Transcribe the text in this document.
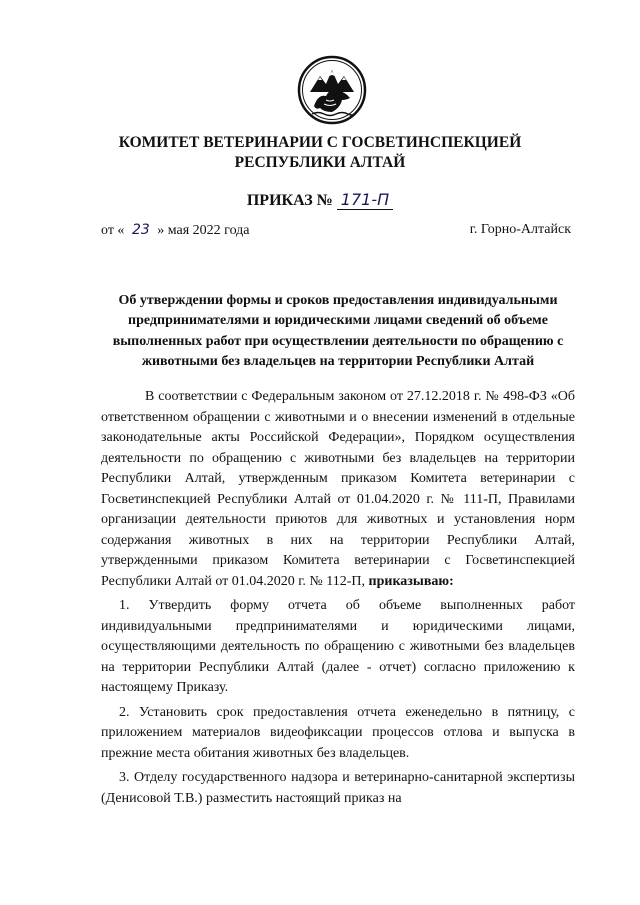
КОМИТЕТ ВЕТЕРИНАРИИ С ГОСВЕТИНСПЕКЦИЕЙ
РЕСПУБЛИКИ АЛТАЙ
ПРИКАЗ № 171-П
от « 23 » мая 2022 года	г. Горно-Алтайск
Об утверждении формы и сроков предоставления индивидуальными предпринимателями и юридическими лицами сведений об объеме выполненных работ при осуществлении деятельности по обращению с животными без владельцев на территории Республики Алтай

В соответствии с Федеральным законом от 27.12.2018 г. № 498-ФЗ «Об ответственном обращении с животными и о внесении изменений в отдельные законодательные акты Российской Федерации», Порядком осуществления деятельности по обращению с животными без владельцев на территории Республики Алтай, утвержденным приказом Комитета ветеринарии с Госветинспекцией Республики Алтай от 01.04.2020 г. № 111-П, Правилами организации деятельности приютов для животных и установления норм содержания животных в них на территории Республики Алтай, утвержденными приказом Комитета ветеринарии с Госветинспекцией Республики Алтай от 01.04.2020 г. № 112-П, приказываю:

1. Утвердить форму отчета об объеме выполненных работ индивидуальными предпринимателями и юридическими лицами, осуществляющими деятельность по обращению с животными без владельцев на территории Республики Алтай (далее - отчет) согласно приложению к настоящему Приказу.

2. Установить срок предоставления отчета еженедельно в пятницу, с приложением материалов видеофиксации процессов отлова и выпуска в прежние места обитания животных без владельцев.

3. Отделу государственного надзора и ветеринарно-санитарной экспертизы (Денисовой Т.В.) разместить настоящий приказ на
